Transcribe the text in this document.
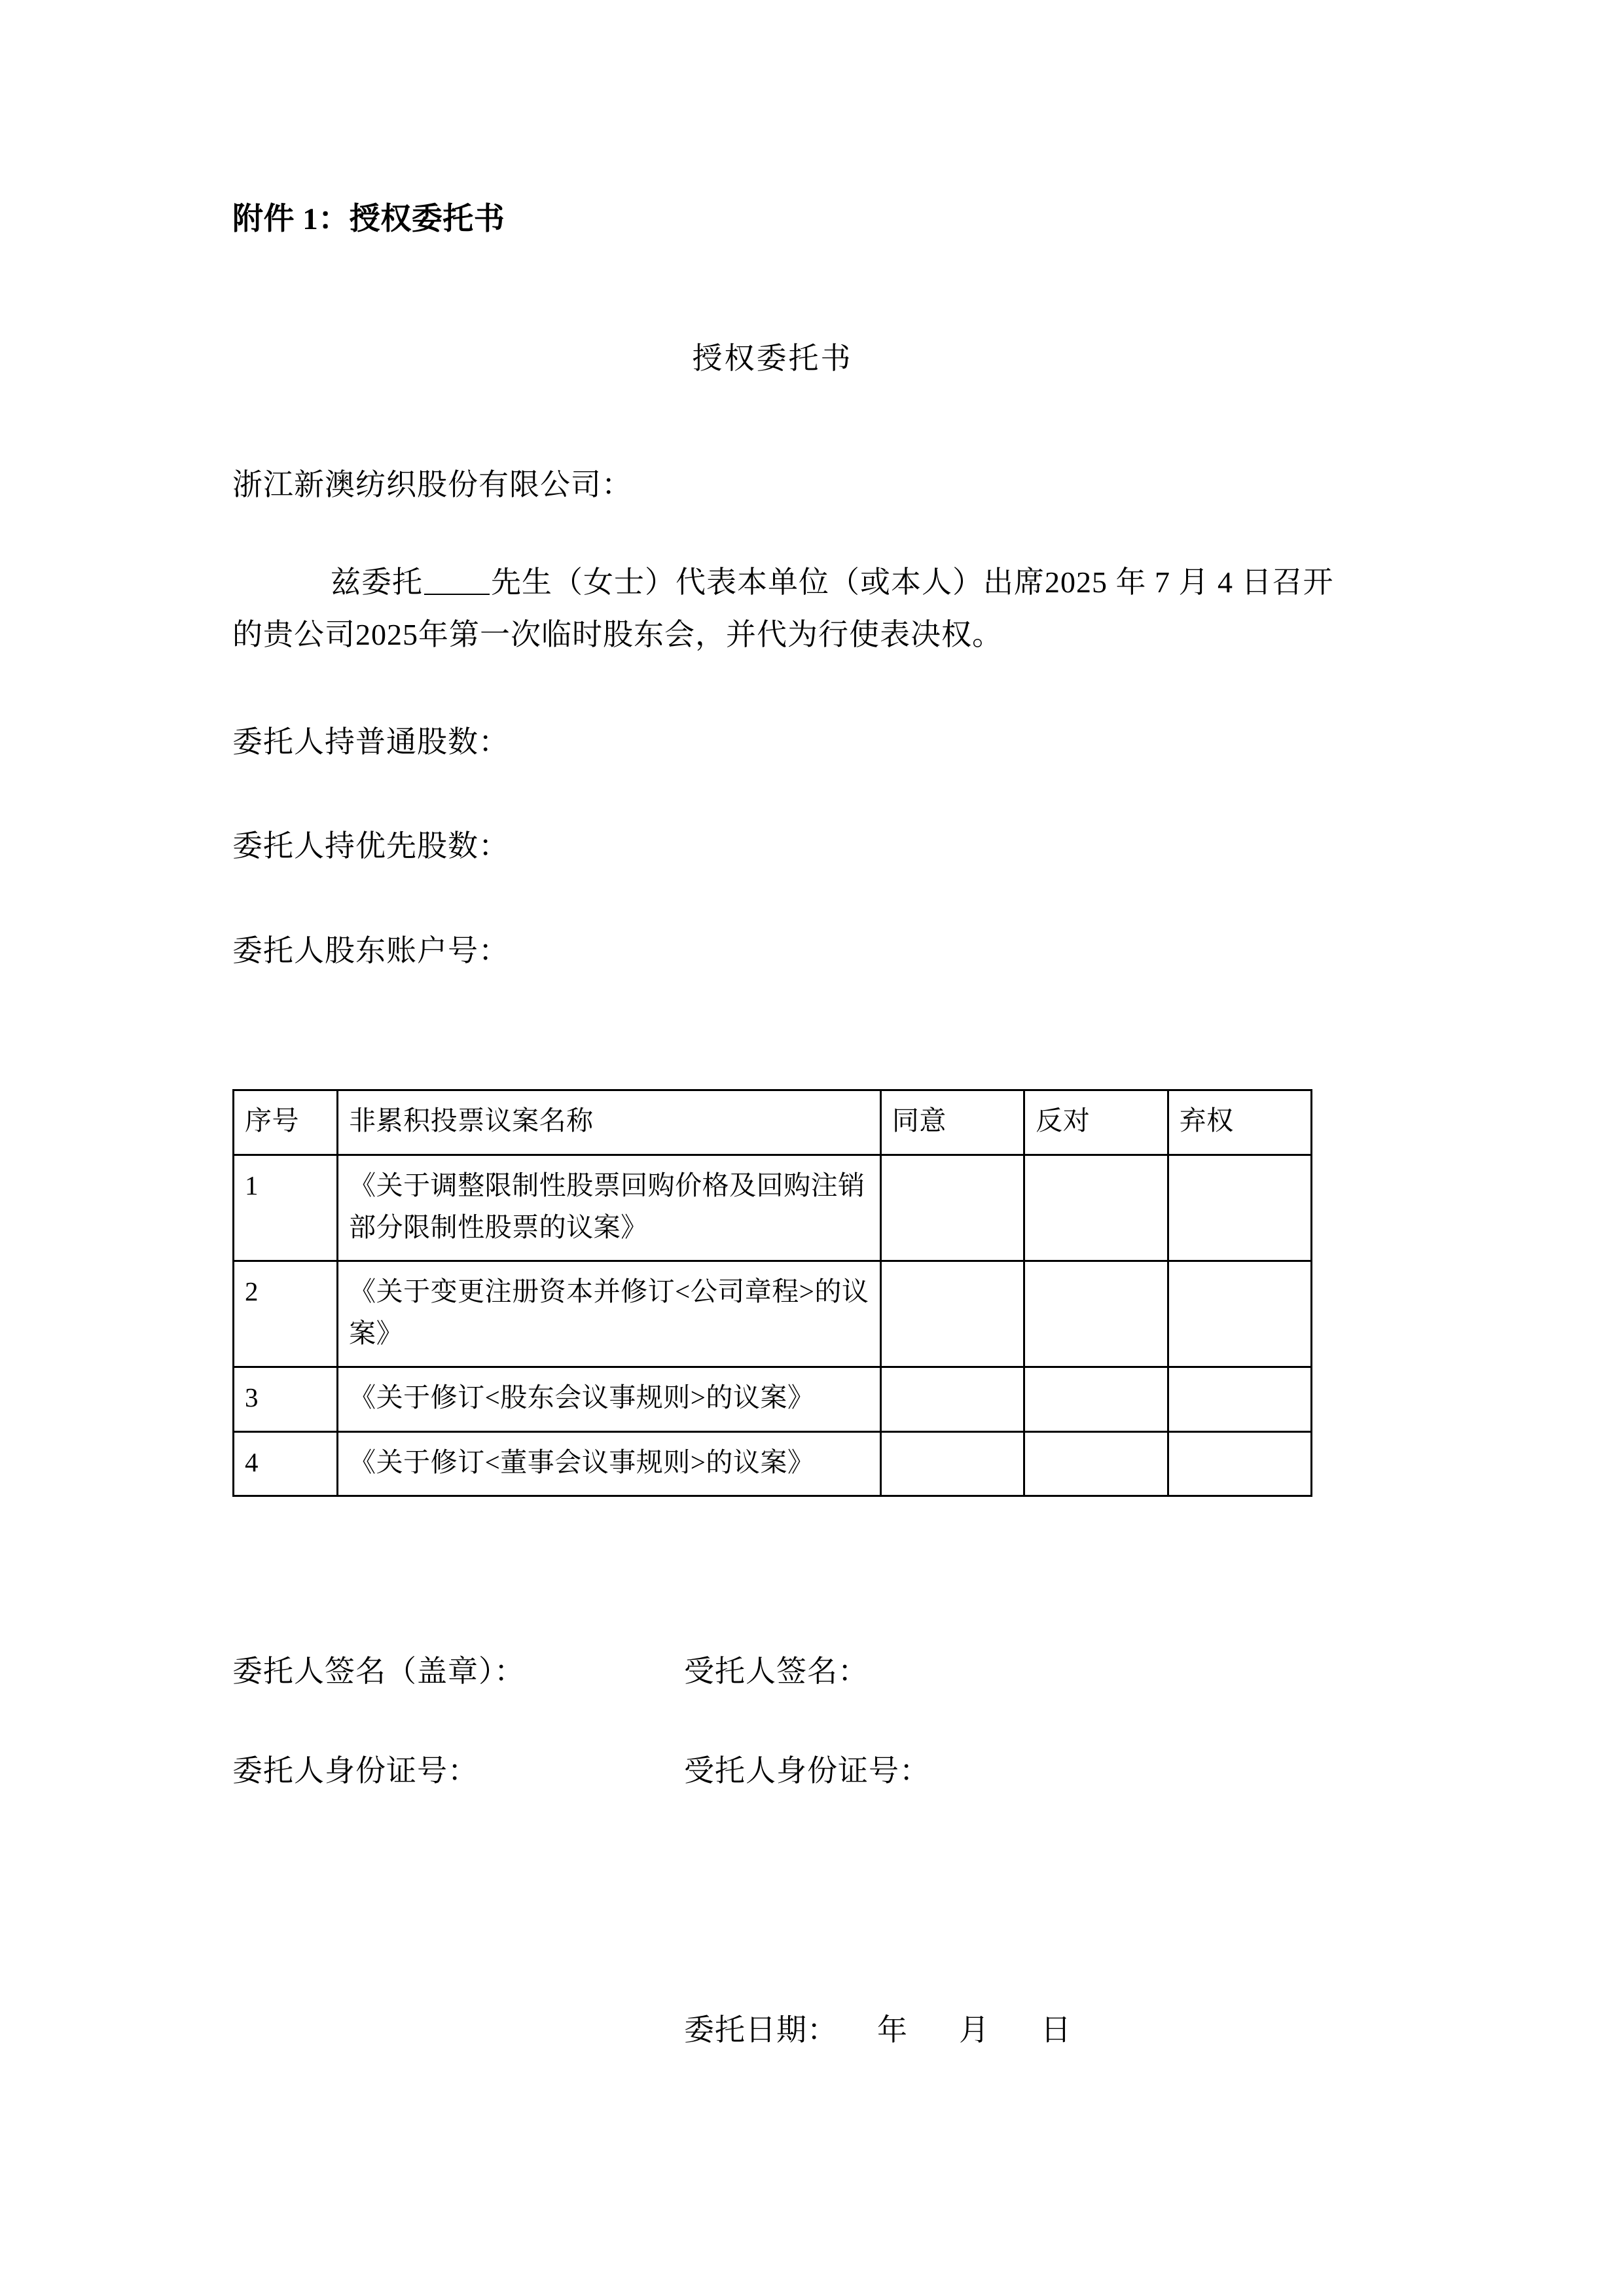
附件 1：授权委托书
授权委托书
浙江新澳纺织股份有限公司：
兹委托 先生（女士）代表本单位（或本人）出席2025 年 7 月 4 日召开的贵公司2025年第一次临时股东会，并代为行使表决权。
委托人持普通股数：
委托人持优先股数：
委托人股东账户号：
序号	非累积投票议案名称	同意	反对	弃权
1	《关于调整限制性股票回购价格及回购注销部分限制性股票的议案》			
2	《关于变更注册资本并修订<公司章程>的议案》			
3	《关于修订<股东会议事规则>的议案》			
4	《关于修订<董事会议事规则>的议案》			
委托人签名（盖章）：	受托人签名：
委托人身份证号：	受托人身份证号：
委托日期： 年 月 日
